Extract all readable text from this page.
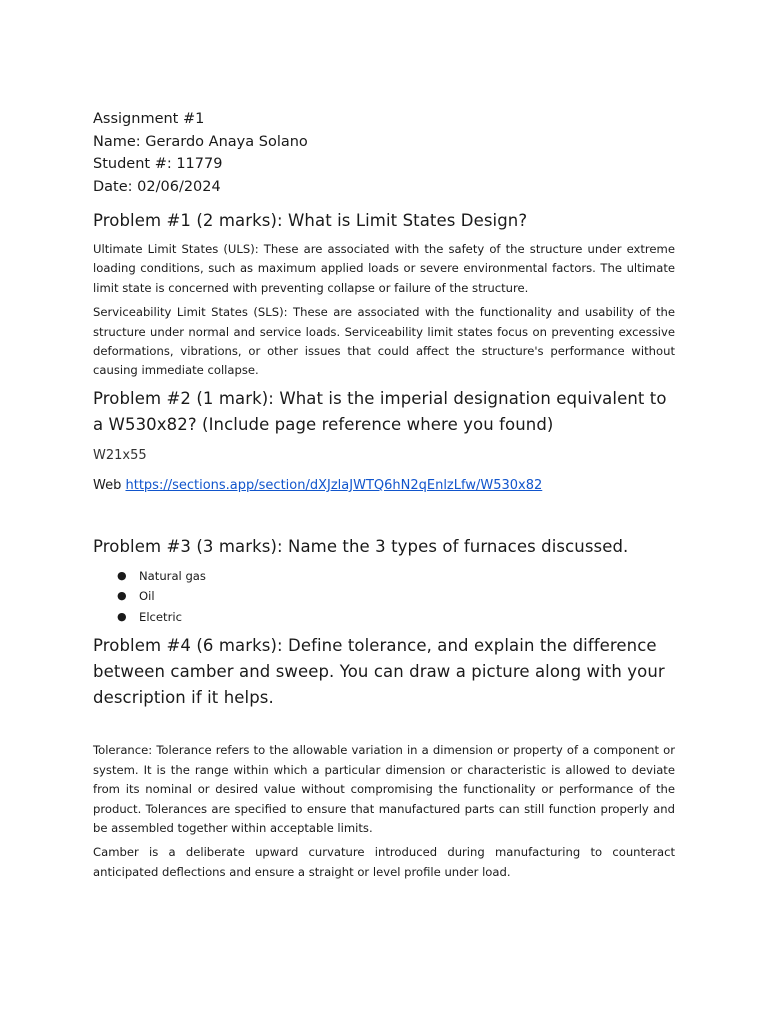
Assignment #1

Name: Gerardo Anaya Solano

Student #: 11779

Date: 02/06/2024

Problem #1 (2 marks): What is Limit States Design?

Ultimate Limit States (ULS): These are associated with the safety of the structure under extreme loading conditions, such as maximum applied loads or severe environmental factors. The ultimate limit state is concerned with preventing collapse or failure of the structure.

Serviceability Limit States (SLS): These are associated with the functionality and usability of the structure under normal and service loads. Serviceability limit states focus on preventing excessive deformations, vibrations, or other issues that could affect the structure's performance without causing immediate collapse.

Problem #2 (1 mark): What is the imperial designation equivalent to a W530x82? (Include page reference where you found)
W21x55
Web https://sections.app/section/dXJzlaJWTQ6hN2qEnlzLfw/W530x82
Problem #3 (3 marks): Name the 3 types of furnaces discussed.
● Natural gas
● Oil
● Elcetric
Problem #4 (6 marks): Define tolerance, and explain the difference between camber and sweep. You can draw a picture along with your description if it helps.

Tolerance: Tolerance refers to the allowable variation in a dimension or property of a component or system. It is the range within which a particular dimension or characteristic is allowed to deviate from its nominal or desired value without compromising the functionality or performance of the product. Tolerances are specified to ensure that manufactured parts can still function properly and be assembled together within acceptable limits.

Camber is a deliberate upward curvature introduced during manufacturing to counteract anticipated deflections and ensure a straight or level profile under load.
